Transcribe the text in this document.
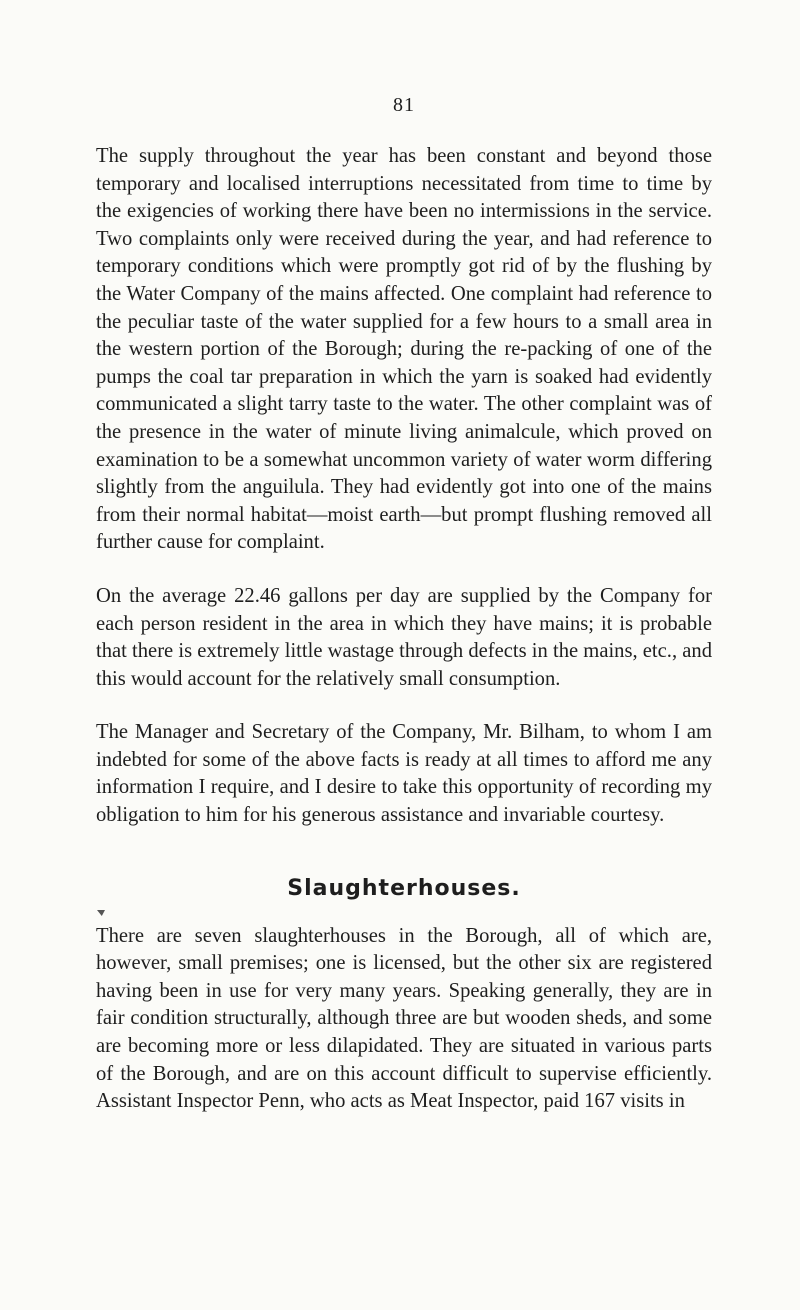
81

The supply throughout the year has been constant and beyond those temporary and localised interruptions necessitated from time to time by the exigencies of working there have been no intermissions in the service. Two complaints only were received during the year, and had reference to temporary conditions which were promptly got rid of by the flushing by the Water Company of the mains affected. One complaint had reference to the peculiar taste of the water supplied for a few hours to a small area in the western portion of the Borough; during the re-packing of one of the pumps the coal tar preparation in which the yarn is soaked had evidently communicated a slight tarry taste to the water. The other complaint was of the presence in the water of minute living animalcule, which proved on examination to be a somewhat uncommon variety of water worm differing slightly from the anguilula. They had evidently got into one of the mains from their normal habitat—moist earth—but prompt flushing removed all further cause for complaint.

On the average 22.46 gallons per day are supplied by the Company for each person resident in the area in which they have mains; it is probable that there is extremely little wastage through defects in the mains, etc., and this would account for the relatively small consumption.

The Manager and Secretary of the Company, Mr. Bilham, to whom I am indebted for some of the above facts is ready at all times to afford me any information I require, and I desire to take this opportunity of recording my obligation to him for his generous assistance and invariable courtesy.

Slaughterhouses.

There are seven slaughterhouses in the Borough, all of which are, however, small premises; one is licensed, but the other six are registered having been in use for very many years. Speaking generally, they are in fair condition structurally, although three are but wooden sheds, and some are becoming more or less dilapidated. They are situated in various parts of the Borough, and are on this account difficult to supervise efficiently. Assistant Inspector Penn, who acts as Meat Inspector, paid 167 visits in
